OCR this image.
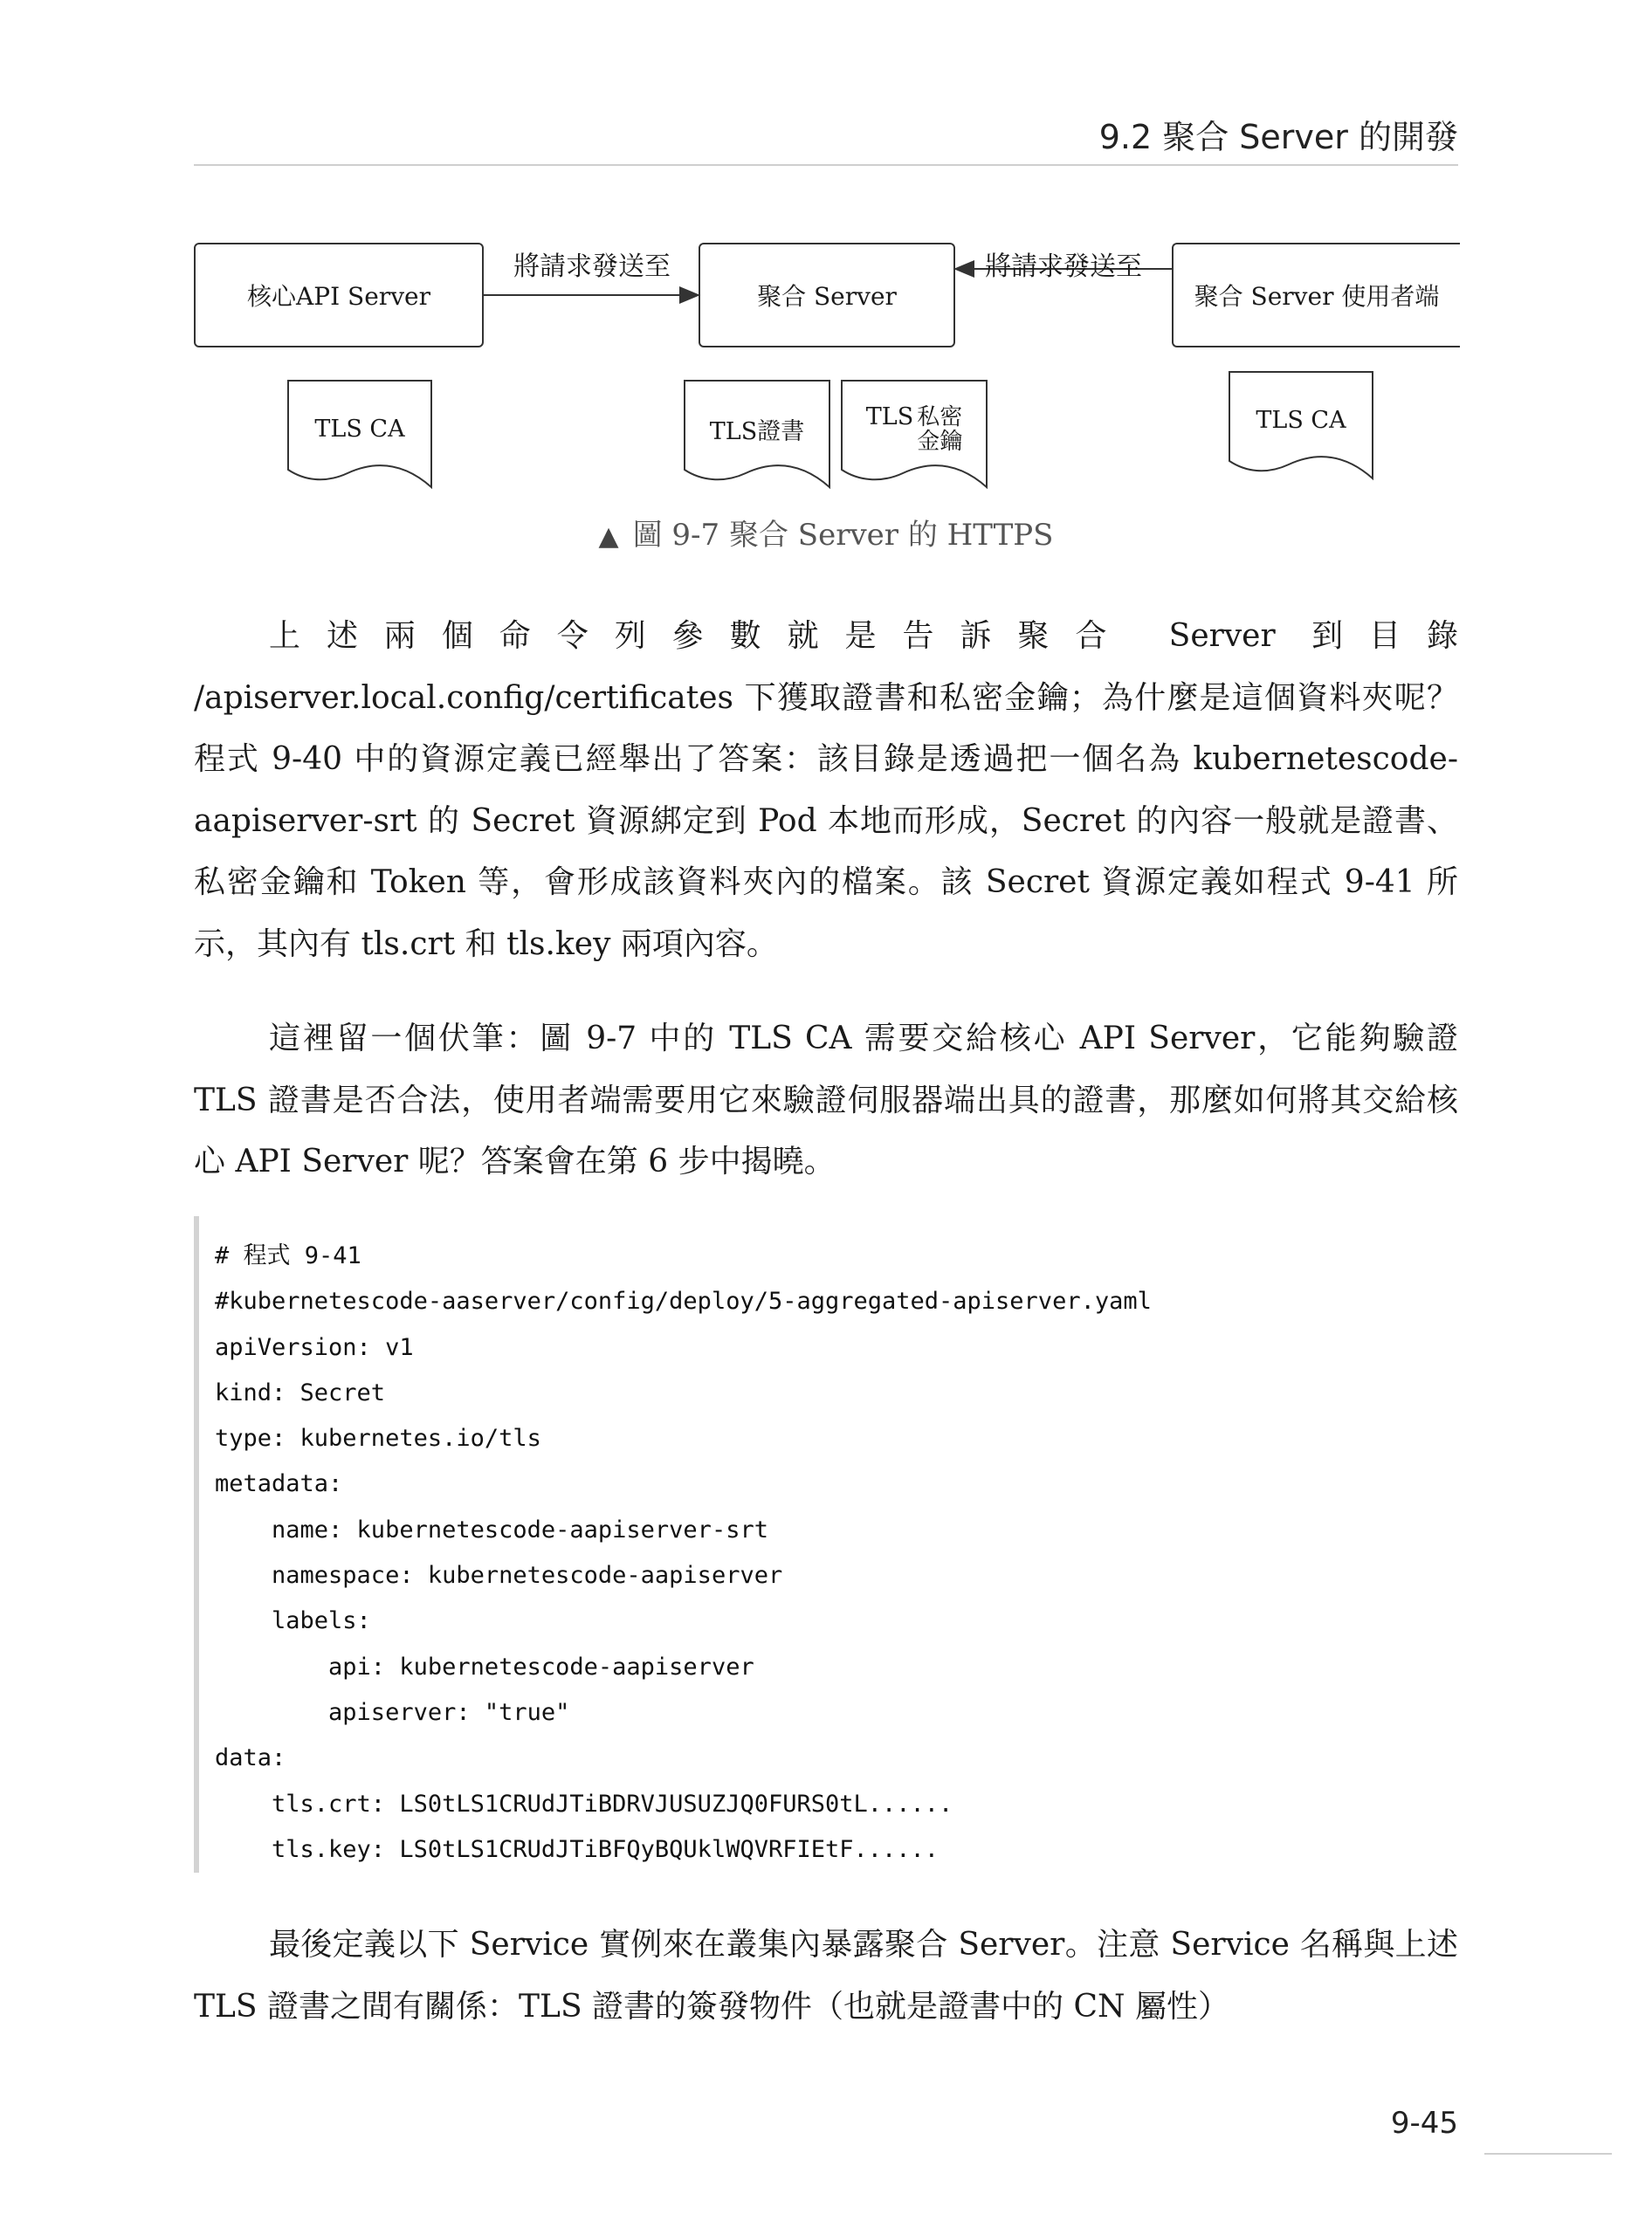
9.2 聚合 Server 的開發
核心API Server	聚合 Server	聚合 Server 使用者端
將請求發送至	將請求發送至
TLS CA	TLS證書
TLS 私密
金鑰
TLS CA
▲ 圖 9-7 聚合 Server 的 HTTPS

上述兩個命令列參數就是告訴聚合 Server 到目錄 /apiserver.local.config/certificates 下獲取證書和私密金鑰；為什麼是這個資料夾呢？程式 9-40 中的資源定義已經舉出了答案：該目錄是透過把一個名為 kubernetescode-aapiserver-srt 的 Secret 資源綁定到 Pod 本地而形成，Secret 的內容一般就是證書、私密金鑰和 Token 等，會形成該資料夾內的檔案。該 Secret 資源定義如程式 9-41 所示，其內有 tls.crt 和 tls.key 兩項內容。

這裡留一個伏筆：圖 9-7 中的 TLS CA 需要交給核心 API Server，它能夠驗證 TLS 證書是否合法，使用者端需要用它來驗證伺服器端出具的證書，那麼如何將其交給核心 API Server 呢？答案會在第 6 步中揭曉。

# 程式 9-41
#kubernetescode-aaserver/config/deploy/5-aggregated-apiserver.yaml
apiVersion: v1
kind: Secret
type: kubernetes.io/tls
metadata:
name: kubernetescode-aapiserver-srt
namespace: kubernetescode-aapiserver
labels:
api: kubernetescode-aapiserver
apiserver: "true"
data:
tls.crt: LS0tLS1CRUdJTiBDRVJUSUZJQ0FURS0tL......
tls.key: LS0tLS1CRUdJTiBFQyBQUklWQVRFIEtF......

最後定義以下 Service 實例來在叢集內暴露聚合 Server。注意 Service 名稱與上述 TLS 證書之間有關係：TLS 證書的簽發物件（也就是證書中的 CN 屬性）

9-45
